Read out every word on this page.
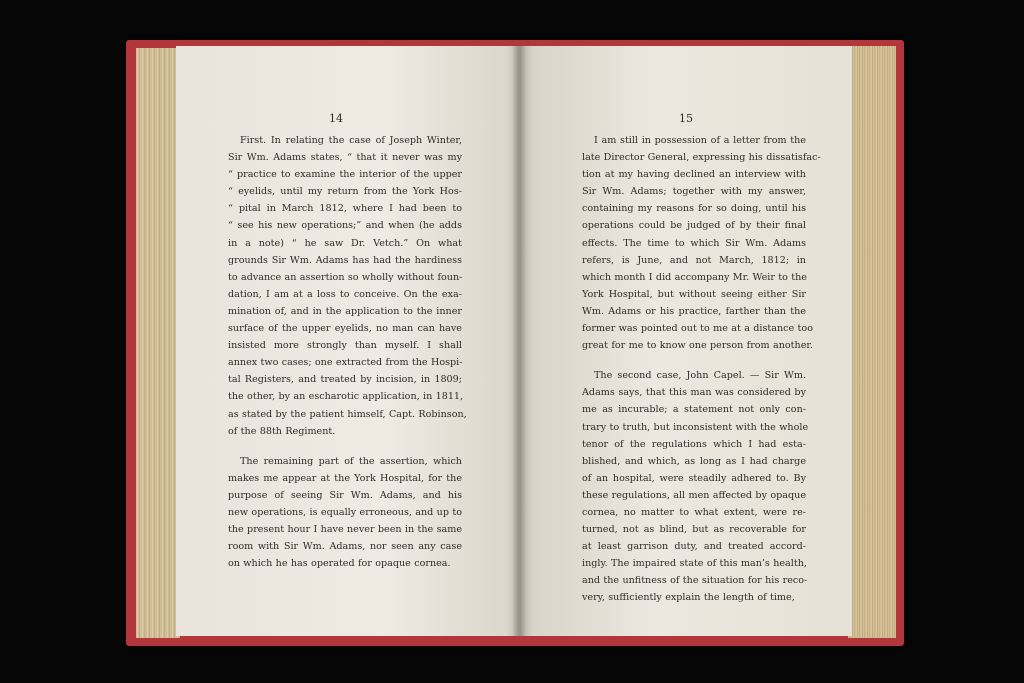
14
First. In relating the case of Joseph Winter,
Sir Wm. Adams states, “ that it never was my
“ practice to examine the interior of the upper
“ eyelids, until my return from the York Hos-
“ pital in March 1812, where I had been to
“ see his new operations;” and when (he adds
in a note) “ he saw Dr. Vetch.” On what
grounds Sir Wm. Adams has had the hardiness
to advance an assertion so wholly without foun-
dation, I am at a loss to conceive. On the exa-
mination of, and in the application to the inner
surface of the upper eyelids, no man can have
insisted more strongly than myself. I shall
annex two cases; one extracted from the Hospi-
tal Registers, and treated by incision, in 1809;
the other, by an escharotic application, in 1811,
as stated by the patient himself, Capt. Robinson,
of the 88th Regiment.
The remaining part of the assertion, which
makes me appear at the York Hospital, for the
purpose of seeing Sir Wm. Adams, and his
new operations, is equally erroneous, and up to
the present hour I have never been in the same
room with Sir Wm. Adams, nor seen any case
on which he has operated for opaque cornea.
15
I am still in possession of a letter from the
late Director General, expressing his dissatisfac-
tion at my having declined an interview with
Sir Wm. Adams; together with my answer,
containing my reasons for so doing, until his
operations could be judged of by their final
effects. The time to which Sir Wm. Adams
refers, is June, and not March, 1812; in
which month I did accompany Mr. Weir to the
York Hospital, but without seeing either Sir
Wm. Adams or his practice, farther than the
former was pointed out to me at a distance too
great for me to know one person from another.
The second case, John Capel. — Sir Wm.
Adams says, that this man was considered by
me as incurable; a statement not only con-
trary to truth, but inconsistent with the whole
tenor of the regulations which I had esta-
blished, and which, as long as I had charge
of an hospital, were steadily adhered to. By
these regulations, all men affected by opaque
cornea, no matter to what extent, were re-
turned, not as blind, but as recoverable for
at least garrison duty, and treated accord-
ingly. The impaired state of this man’s health,
and the unfitness of the situation for his reco-
very, sufficiently explain the length of time,
